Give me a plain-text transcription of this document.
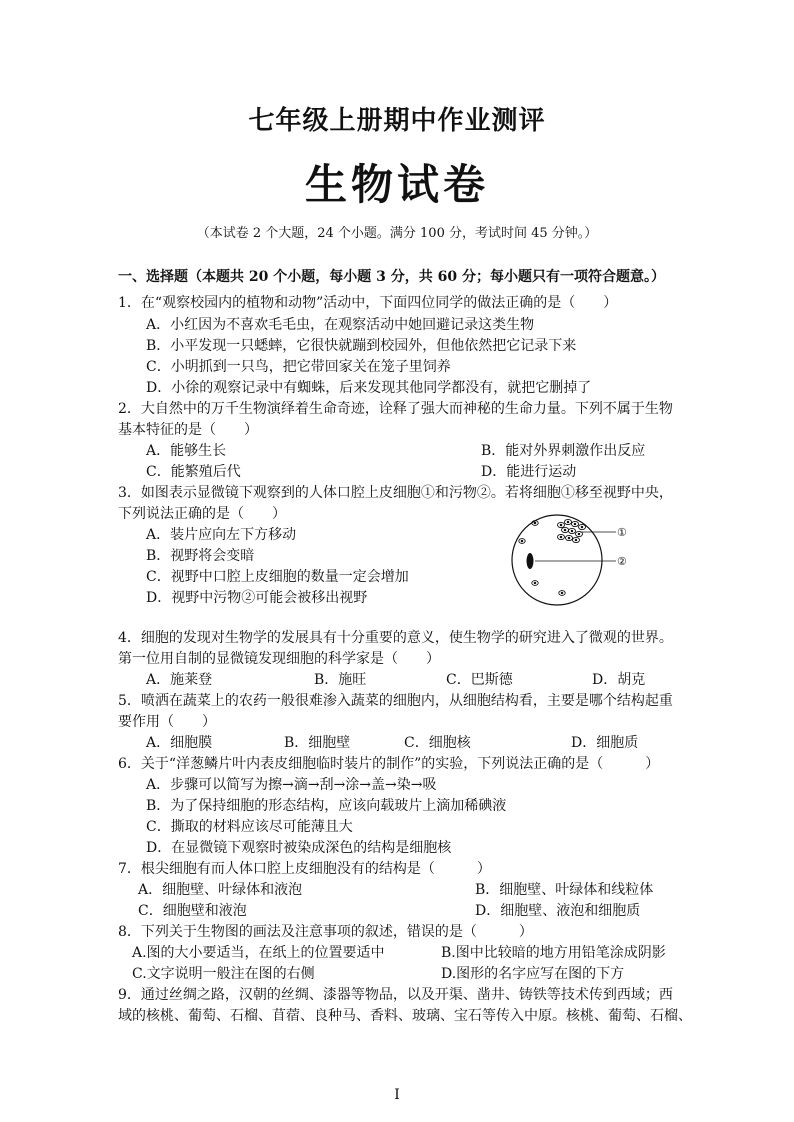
七年级上册期中作业测评
生物试卷
（本试卷 2 个大题，24 个小题。满分 100 分，考试时间 45 分钟。）
一、选择题（本题共 20 个小题，每小题 3 分，共 60 分；每小题只有一项符合题意。）
1．在“观察校园内的植物和动物”活动中，下面四位同学的做法正确的是（　　）
A．小红因为不喜欢毛毛虫，在观察活动中她回避记录这类生物
B．小平发现一只蟋蟀，它很快就蹦到校园外，但他依然把它记录下来
C．小明抓到一只鸟，把它带回家关在笼子里饲养
D．小徐的观察记录中有蜘蛛，后来发现其他同学都没有，就把它删掉了
2．大自然中的万千生物演绎着生命奇迹，诠释了强大而神秘的生命力量。下列不属于生物
基本特征的是（　　）
A．能够生长	B．能对外界刺激作出反应
C．能繁殖后代	D．能进行运动
3．如图表示显微镜下观察到的人体口腔上皮细胞①和污物②。若将细胞①移至视野中央，
下列说法正确的是（　　）
A．装片应向左下方移动
B．视野将会变暗
C．视野中口腔上皮细胞的数量一定会增加
D．视野中污物②可能会被移出视野
①
②
4．细胞的发现对生物学的发展具有十分重要的意义，使生物学的研究进入了微观的世界。
第一位用自制的显微镜发现细胞的科学家是（　　）
A．施莱登	B．施旺	C．巴斯德	D．胡克
5．喷洒在蔬菜上的农药一般很难渗入蔬菜的细胞内，从细胞结构看，主要是哪个结构起重
要作用（　　）
A．细胞膜	B．细胞壁	C．细胞核	D．细胞质
6．关于“洋葱鳞片叶内表皮细胞临时装片的制作”的实验，下列说法正确的是（　　　）
A．步骤可以简写为擦→滴→刮→涂→盖→染→吸
B．为了保持细胞的形态结构，应该向载玻片上滴加稀碘液
C．撕取的材料应该尽可能薄且大
D．在显微镜下观察时被染成深色的结构是细胞核
7．根尖细胞有而人体口腔上皮细胞没有的结构是（　　　）
A．细胞壁、叶绿体和液泡	B．细胞壁、叶绿体和线粒体
C．细胞壁和液泡	D．细胞壁、液泡和细胞质
8．下列关于生物图的画法及注意事项的叙述，错误的是（　　　）
A.图的大小要适当，在纸上的位置要适中	B.图中比较暗的地方用铅笔涂成阴影
C.文字说明一般注在图的右侧	D.图形的名字应写在图的下方
9．通过丝绸之路，汉朝的丝绸、漆器等物品，以及开渠、凿井、铸铁等技术传到西域；西
域的核桃、葡萄、石榴、苜蓿、良种马、香料、玻璃、宝石等传入中原。核桃、葡萄、石榴、
I
